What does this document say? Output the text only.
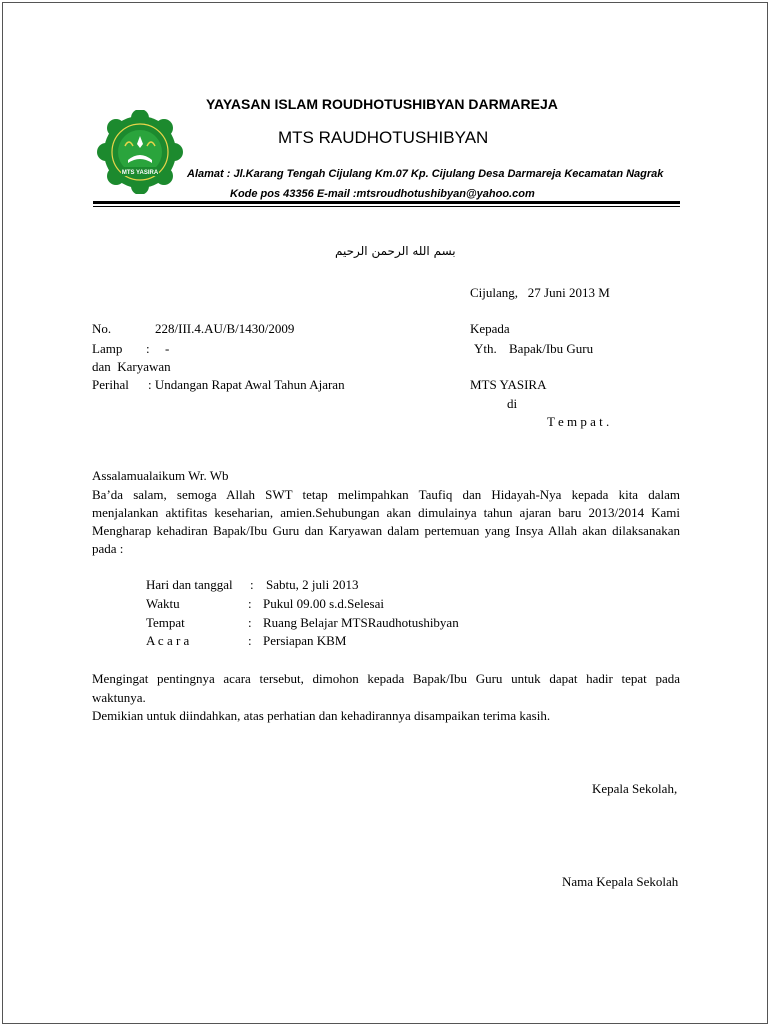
MTS YASIRA
YAYASAN ISLAM ROUDHOTUSHIBYAN DARMAREJA
MTS RAUDHOTUSHIBYAN
Alamat : Jl.Karang Tengah Cijulang Km.07 Kp. Cijulang Desa Darmareja Kecamatan Nagrak
Kode pos 43356 E-mail :mtsroudhotushibyan@yahoo.com
بسم الله الرحمن الرحيم
Cijulang,   27 Juni 2013 M
No.	228/III.4.AU/B/1430/2009
Lamp : -
dan  Karyawan
Perihal : Undangan Rapat Awal Tahun Ajaran
Kepada
Yth. Bapak/Ibu Guru
MTS YASIRA
di
T e m p a t .
Assalamualaikum Wr. Wb
Ba’da salam, semoga Allah SWT tetap melimpahkan Taufiq dan Hidayah-Nya kepada kita dalam
menjalankan aktifitas keseharian, amien.Sehubungan akan dimulainya tahun ajaran baru 2013/2014 Kami
Mengharap kehadiran Bapak/Ibu Guru dan Karyawan dalam pertemuan yang Insya Allah akan dilaksanakan
pada :
Hari dan tanggal : Sabtu, 2 juli 2013
Waktu	: Pukul 09.00 s.d.Selesai
Tempat	: Ruang Belajar MTSRaudhotushibyan
A c a r a	: Persiapan KBM
Mengingat pentingnya acara tersebut, dimohon kepada Bapak/Ibu Guru untuk dapat hadir tepat pada
waktunya.
Demikian untuk diindahkan, atas perhatian dan kehadirannya disampaikan terima kasih.
Kepala Sekolah,
Nama Kepala Sekolah
